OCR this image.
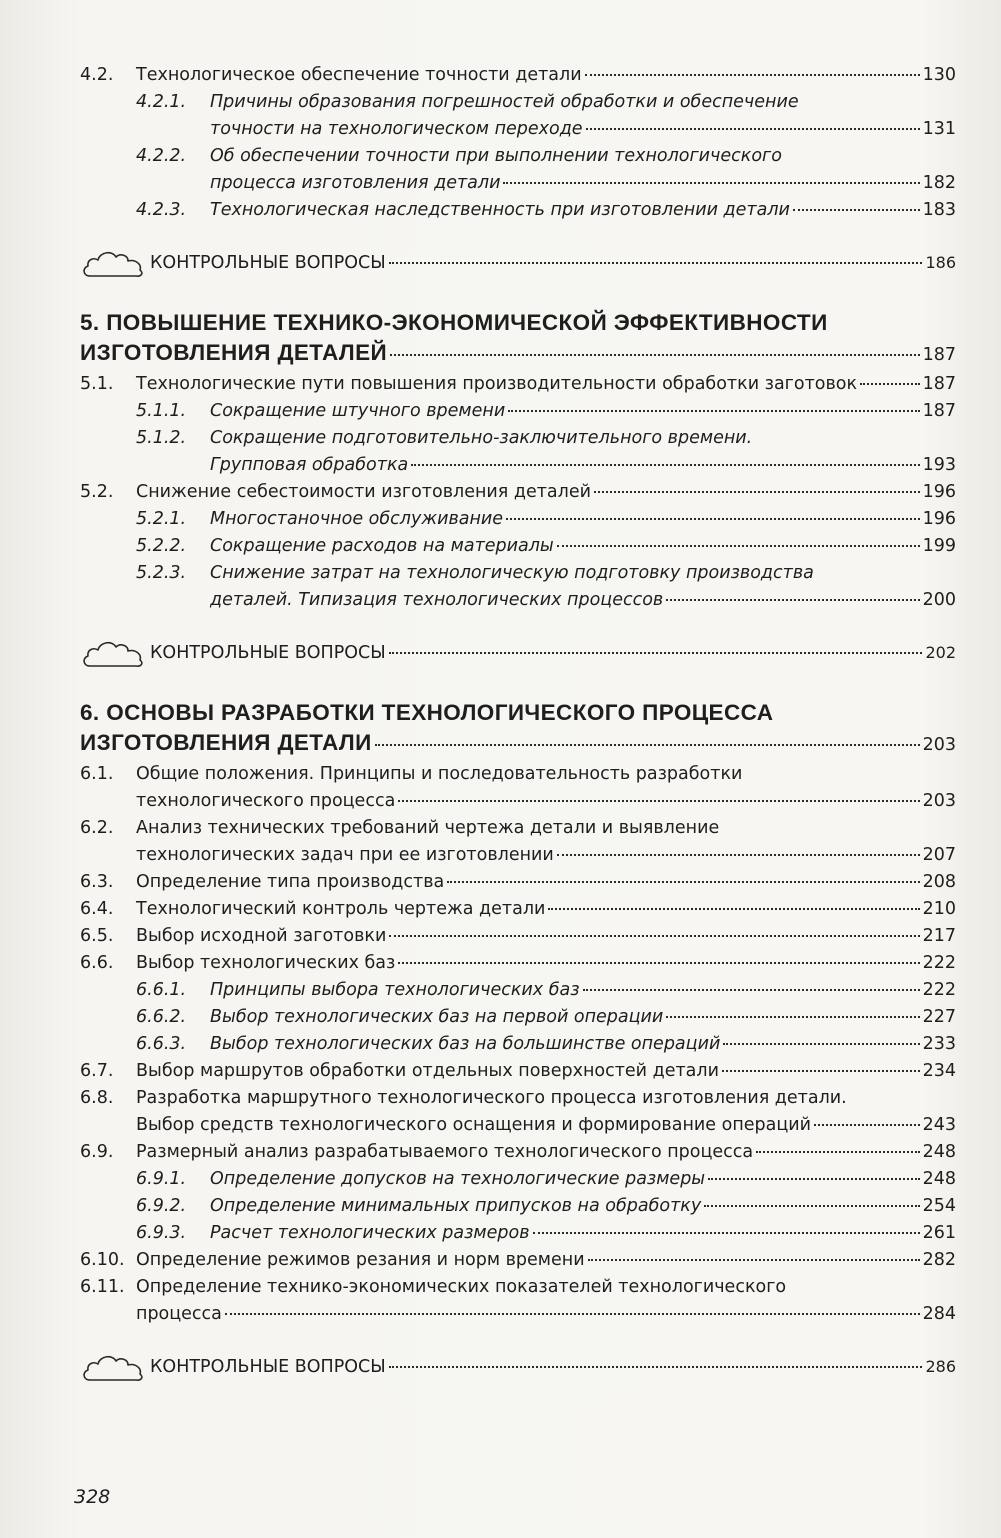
4.2.	Технологическое обеспечение точности детали	130
4.2.1.	Причины образования погрешностей обработки и обеспечение
точности на технологическом переходе	131
4.2.2.	Об обеспечении точности при выполнении технологического
процесса изготовления детали	182
4.2.3.	Технологическая наследственность при изготовлении детали	183
КОНТРОЛЬНЫЕ ВОПРОСЫ	186
5. ПОВЫШЕНИЕ ТЕХНИКО-ЭКОНОМИЧЕСКОЙ ЭФФЕКТИВНОСТИ
ИЗГОТОВЛЕНИЯ ДЕТАЛЕЙ	187
5.1.	Технологические пути повышения производительности обработки заготовок	187
5.1.1.	Сокращение штучного времени	187
5.1.2.	Сокращение подготовительно-заключительного времени.
Групповая обработка	193
5.2.	Снижение себестоимости изготовления деталей	196
5.2.1.	Многостаночное обслуживание	196
5.2.2.	Сокращение расходов на материалы	199
5.2.3.	Снижение затрат на технологическую подготовку производства
деталей. Типизация технологических процессов	200
КОНТРОЛЬНЫЕ ВОПРОСЫ	202
6. ОСНОВЫ РАЗРАБОТКИ ТЕХНОЛОГИЧЕСКОГО ПРОЦЕССА
ИЗГОТОВЛЕНИЯ ДЕТАЛИ	203
6.1.	Общие положения. Принципы и последовательность разработки
технологического процесса	203
6.2.	Анализ технических требований чертежа детали и выявление
технологических задач при ее изготовлении	207
6.3.	Определение типа производства	208
6.4.	Технологический контроль чертежа детали	210
6.5.	Выбор исходной заготовки	217
6.6.	Выбор технологических баз	222
6.6.1.	Принципы выбора технологических баз	222
6.6.2.	Выбор технологических баз на первой операции	227
6.6.3.	Выбор технологических баз на большинстве операций	233
6.7.	Выбор маршрутов обработки отдельных поверхностей детали	234
6.8.	Разработка маршрутного технологического процесса изготовления детали.
Выбор средств технологического оснащения и формирование операций	243
6.9.	Размерный анализ разрабатываемого технологического процесса	248
6.9.1.	Определение допусков на технологические размеры	248
6.9.2.	Определение минимальных припусков на обработку	254
6.9.3.	Расчет технологических размеров	261
6.10. Определение режимов резания и норм времени	282
6.11. Определение технико-экономических показателей технологического
процесса	284
КОНТРОЛЬНЫЕ ВОПРОСЫ	286
328
